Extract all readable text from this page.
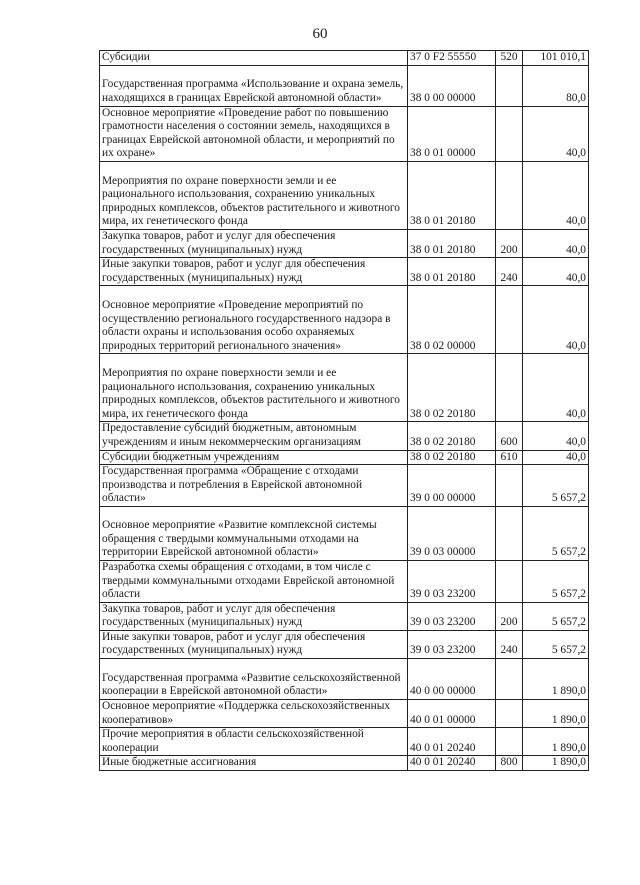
60
Субсидии	37 0 F2 55550	520	101 010,1
Государственная программа «Использование и охрана земель, находящихся в границах Еврейской автономной области»	38 0 00 00000		80,0
Основное мероприятие «Проведение работ по повышению грамотности населения о состоянии земель, находящихся в границах Еврейской автономной области, и мероприятий по их охране»	38 0 01 00000		40,0
Мероприятия по охране поверхности земли и ее рационального использования, сохранению уникальных природных комплексов, объектов растительного и животного мира, их генетического фонда	38 0 01 20180		40,0
Закупка товаров, работ и услуг для обеспечения государственных (муниципальных) нужд	38 0 01 20180	200	40,0
Иные закупки товаров, работ и услуг для обеспечения государственных (муниципальных) нужд	38 0 01 20180	240	40,0
Основное мероприятие «Проведение мероприятий по осуществлению регионального государственного надзора в области охраны и использования особо охраняемых природных территорий регионального значения»	38 0 02 00000		40,0
Мероприятия по охране поверхности земли и ее рационального использования, сохранению уникальных природных комплексов, объектов растительного и животного мира, их генетического фонда	38 0 02 20180		40,0
Предоставление субсидий бюджетным, автономным учреждениям и иным некоммерческим организациям	38 0 02 20180	600	40,0
Субсидии бюджетным учреждениям	38 0 02 20180	610	40,0
Государственная программа «Обращение с отходами производства и потребления в Еврейской автономной области»	39 0 00 00000		5 657,2
Основное мероприятие «Развитие комплексной системы обращения с твердыми коммунальными отходами на территории Еврейской автономной области»	39 0 03 00000		5 657,2
Разработка схемы обращения с отходами, в том числе с твердыми коммунальными отходами Еврейской автономной области	39 0 03 23200		5 657,2
Закупка товаров, работ и услуг для обеспечения государственных (муниципальных) нужд	39 0 03 23200	200	5 657,2
Иные закупки товаров, работ и услуг для обеспечения государственных (муниципальных) нужд	39 0 03 23200	240	5 657,2
Государственная программа «Развитие сельскохозяйственной кооперации в Еврейской автономной области»	40 0 00 00000		1 890,0
Основное мероприятие «Поддержка сельскохозяйственных кооперативов»	40 0 01 00000		1 890,0
Прочие мероприятия в области сельскохозяйственной кооперации	40 0 01 20240		1 890,0
Иные бюджетные ассигнования	40 0 01 20240	800	1 890,0
